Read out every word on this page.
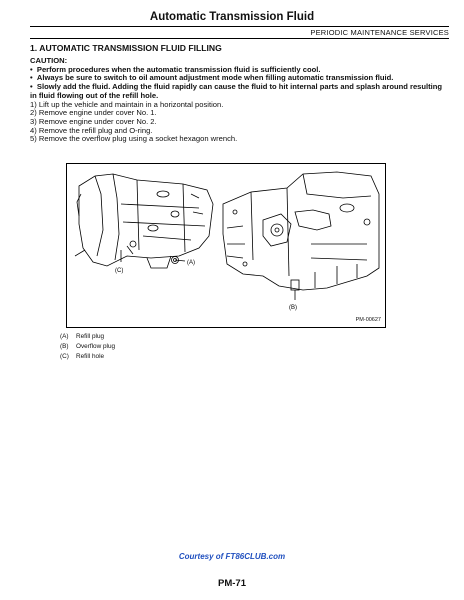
Automatic Transmission Fluid
PERIODIC MAINTENANCE SERVICES
1. AUTOMATIC TRANSMISSION FLUID FILLING
CAUTION:
•  Perform procedures when the automatic transmission fluid is sufficiently cool.
•  Always be sure to switch to oil amount adjustment mode when filling automatic transmission fluid.
•  Slowly add the fluid. Adding the fluid rapidly can cause the fluid to hit internal parts and splash around resulting in fluid flowing out of the refill hole.
1) Lift up the vehicle and maintain in a horizontal position.
2) Remove engine under cover No. 1.
3) Remove engine under cover No. 2.
4) Remove the refill plug and O-ring.
5) Remove the overflow plug using a socket hexagon wrench.
(C)
(A)
(B)
PM-00627
(A) Refill plug
(B) Overflow plug
(C) Refill hole
Courtesy of FT86CLUB.com
PM-71
